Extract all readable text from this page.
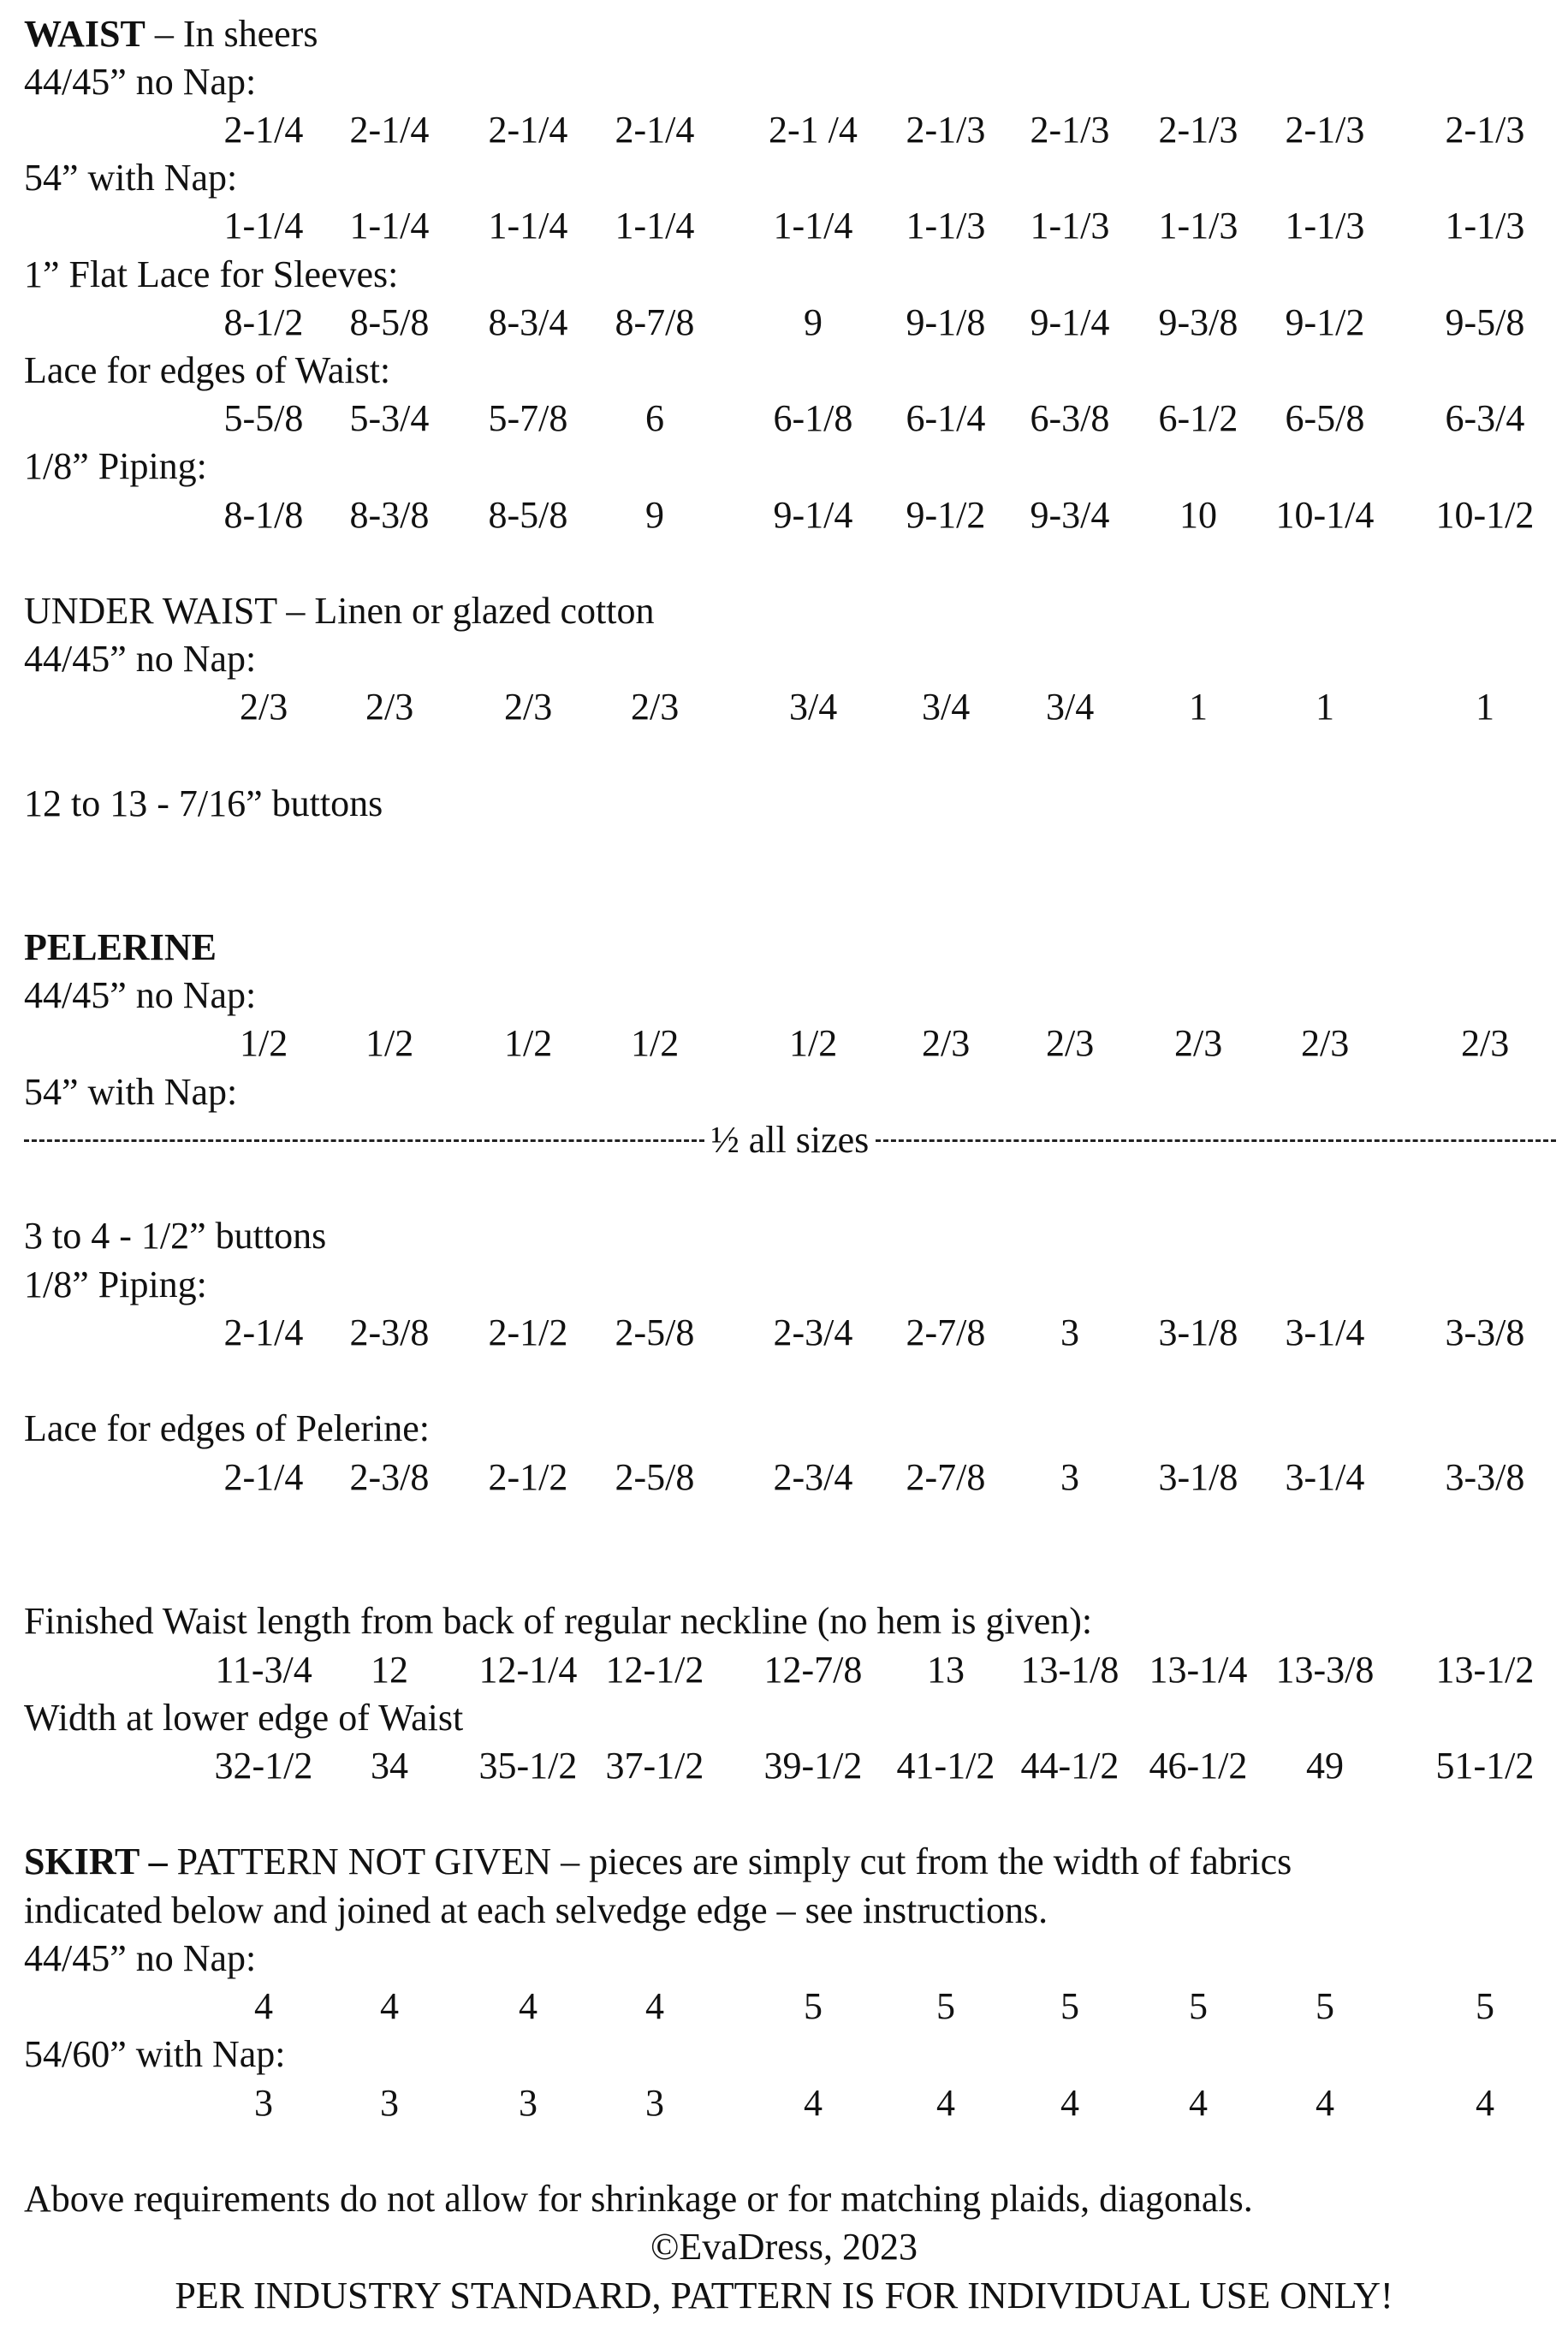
WAIST – In sheers
44/45” no Nap:
2-1/4 2-1/4 2-1/4 2-1/4 2-1 /4 2-1/3 2-1/3 2-1/3 2-1/3 2-1/3
54” with Nap:
1-1/4 1-1/4 1-1/4 1-1/4 1-1/4 1-1/3 1-1/3 1-1/3 1-1/3 1-1/3
1” Flat Lace for Sleeves:
8-1/2 8-5/8 8-3/4 8-7/8	9 9-1/8 9-1/4 9-3/8 9-1/2 9-5/8
Lace for edges of Waist:
5-5/8 5-3/4 5-7/8 6	6-1/8 6-1/4 6-3/8 6-1/2 6-5/8 6-3/4
1/8” Piping:
8-1/8 8-3/8 8-5/8 9	9-1/4 9-1/2 9-3/4 10 10-1/4 10-1/2
UNDER WAIST – Linen or glazed cotton
44/45” no Nap:
2/3 2/3 2/3 2/3	3/4 3/4 3/4	1	1	1
12 to 13 - 7/16” buttons
PELERINE
44/45” no Nap:
1/2 1/2 1/2 1/2	1/2 2/3 2/3 2/3 2/3	2/3
54” with Nap:
½ all sizes
3 to 4 - 1/2” buttons
1/8” Piping:
2-1/4 2-3/8 2-1/2 2-5/8 2-3/4 2-7/8 3 3-1/8 3-1/4 3-3/8
Lace for edges of Pelerine:
2-1/4 2-3/8 2-1/2 2-5/8 2-3/4 2-7/8 3 3-1/8 3-1/4 3-3/8
Finished Waist length from back of regular neckline (no hem is given):
11-3/4 12 12-1/4 12-1/2 12-7/8 13 13-1/8 13-1/4 13-3/8 13-1/2
Width at lower edge of Waist
32-1/2 34 35-1/2 37-1/2 39-1/2 41-1/2 44-1/2 46-1/2 49 51-1/2
SKIRT – PATTERN NOT GIVEN – pieces are simply cut from the width of fabrics
indicated below and joined at each selvedge edge – see instructions.
44/45” no Nap:
4	4	4	4	5	5	5	5	5	5
54/60” with Nap:
3	3	3	3	4	4	4	4	4	4
Above requirements do not allow for shrinkage or for matching plaids, diagonals.
©EvaDress, 2023
PER INDUSTRY STANDARD, PATTERN IS FOR INDIVIDUAL USE ONLY!
